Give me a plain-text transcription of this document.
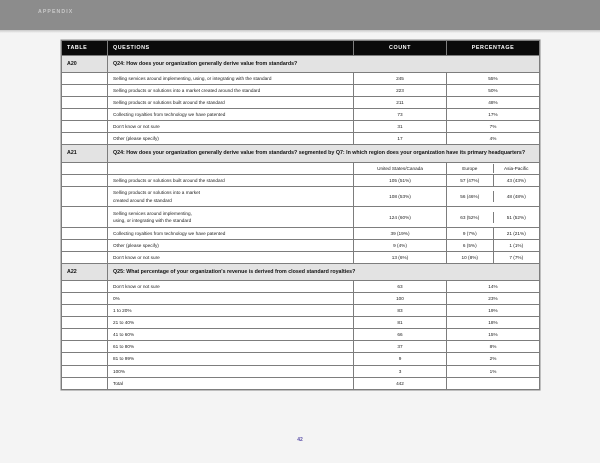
APPENDIX
TABLE	QUESTIONS	COUNT	PERCENTAGE
A20	Q24: How does your organization generally derive value from standards?		
	Selling services around implementing, using, or integrating with the standard	245	55%
	Selling products or solutions into a market created around the standard	223	50%
	Selling products or solutions built around the standard	211	48%
	Collecting royalties from technology we have patented	73	17%
	Don't know or not sure	31	7%
	Other (please specify)	17	4%
A21	Q24: How does your organization generally derive value from standards? segmented by Q7: In which region does your organization have its primary headquarters?		
		United States/Canada	Europe Asia-Pacific

	Selling products or solutions built around the standard	105 (51%)	57 (47%) 43 (43%)

	Selling products or solutions into a market
created around the standard	108 (53%)	56 (46%)	48 (48%)

	Selling services around implementing,
using, or integrating with the standard	124 (60%)	63 (52%)	51 (52%)

	Collecting royalties from technology we have patented	39 (19%)	9 (7%) 21 (21%)

	Other (please specify)	9 (4%)	6 (5%) 1 (1%)

	Don't know or not sure	13 (6%)	10 (8%) 7 (7%)

A22	Q25: What percentage of your organization's revenue is derived from closed standard royalties?		
	Don't know or not sure	63	14%
	0%	100	23%
	1 to 20%	83	19%
	21 to 40%	81	18%
	41 to 60%	66	15%
	61 to 80%	37	8%
	81 to 99%	9	2%
	100%	3	1%
	Total	442	
42
